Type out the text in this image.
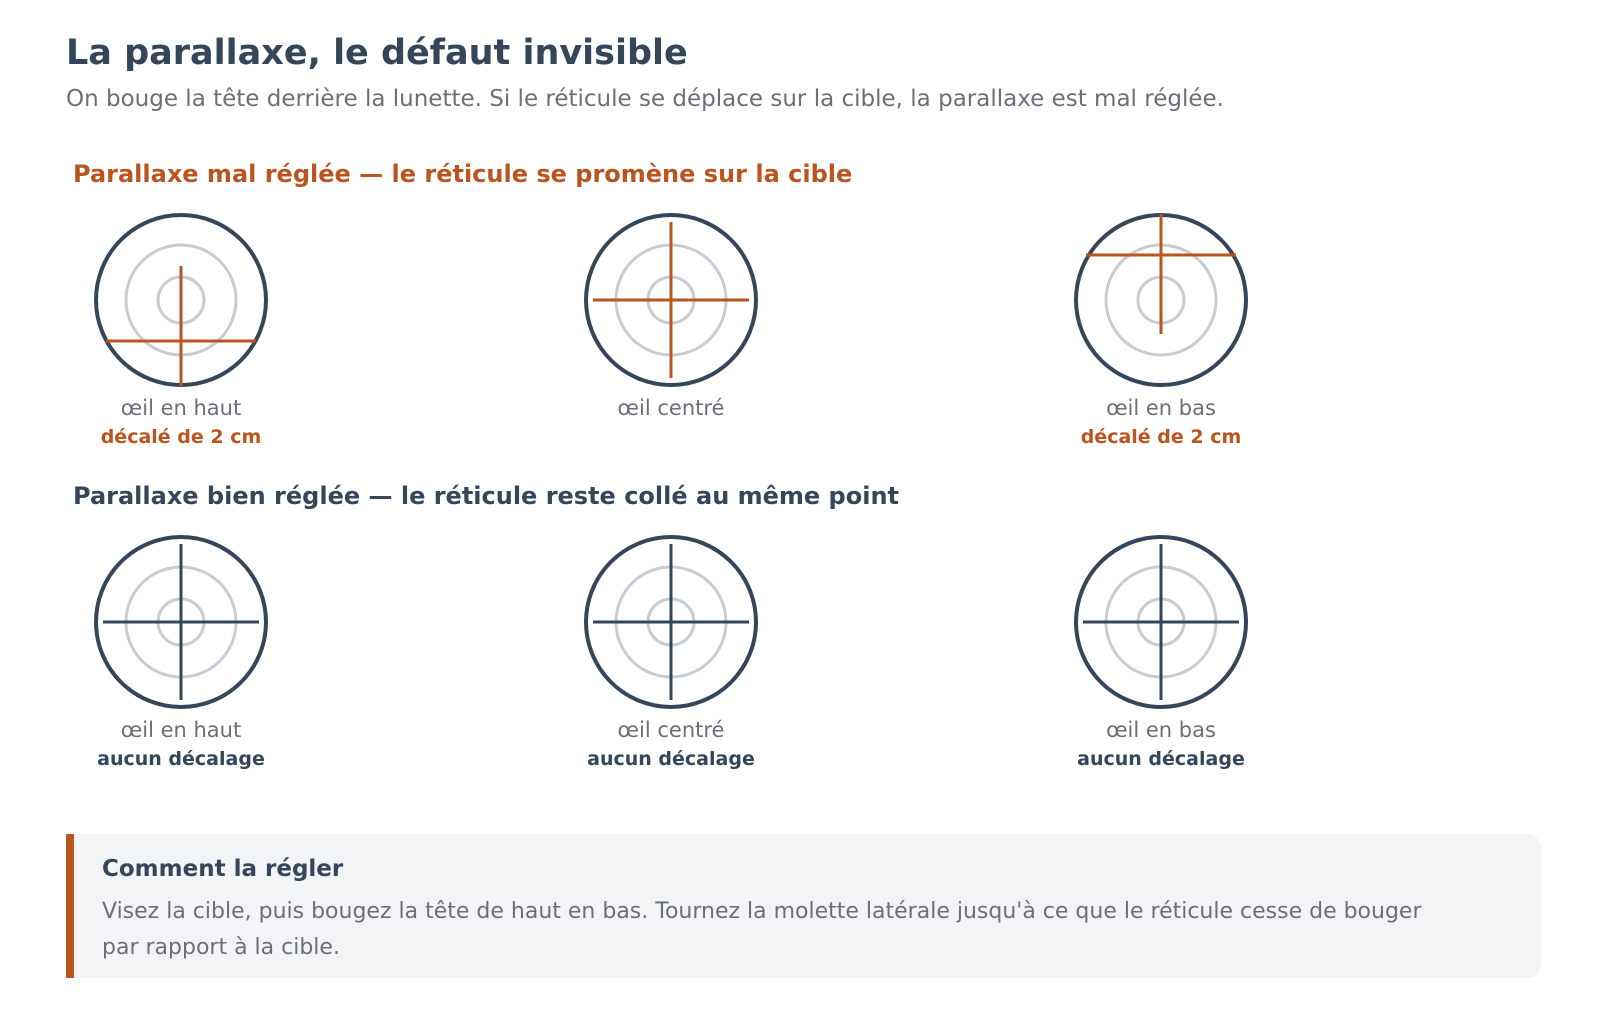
La parallaxe, le défaut invisible

On bouge la tête derrière la lunette. Si le réticule se déplace sur la cible, la parallaxe est mal réglée.

Parallaxe mal réglée — le réticule se promène sur la cible
œil en haut
décalé de 2 cm
œil centré	œil en bas
décalé de 2 cm
Parallaxe bien réglée — le réticule reste collé au même point
œil en haut
aucun décalage
œil centré
aucun décalage
œil en bas
aucun décalage
Comment la régler

Visez la cible, puis bougez la tête de haut en bas. Tournez la molette latérale jusqu'à ce que le réticule cesse de bouger par rapport à la cible.
